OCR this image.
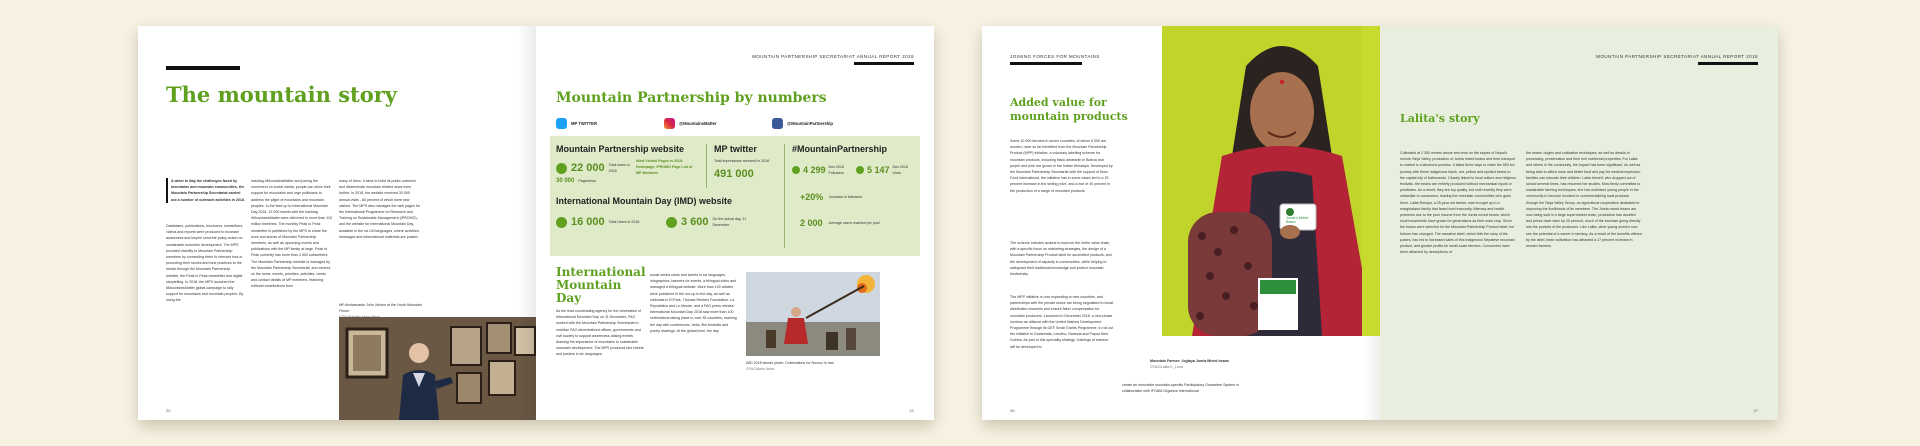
The mountain story
A wider to flag the challenges faced by mountains and mountain communities, the Mountain Partnership Secretariat carried out a number of outreach activities in 2018.
Databases, publications, brochures, newsletters, videos and reports were produced to increase awareness and inspire concrete policy action on sustainable mountain development. The MPS provided visibility to Mountain Partnership members by connecting them to relevant fora or promoting their stories and best practices to the media through the Mountain Partnership website, the Peak to Peak newsletter and digital storytelling. In 2018, the MPS launched the #MountainsMatter global campaign to rally support for mountains and mountain peoples. By using the
hashtag #MountainsMatter and joining the movement on social media, people can show their support for mountains and urge politicians to address the plight of mountains and mountain peoples. In the lead up to International Mountain Day 2018, 13 000 tweets with the hashtag #MountainsMatter were delivered to more than 115 million timelines. The monthly Peak to Peak newsletter is published by the MPS to share the work and stories of Mountain Partnership members, as well as upcoming events and publications with the MP family at large. Peak to Peak currently has more than 2 500 subscribers. The Mountain Partnership website is managed by the Mountain Partnership Secretariat, and centres on the news, events, priorities, activities, needs and contact details of MP members, featuring editorial contributions from
many of them. It aims to build its public outreach and disseminate mountain related news even further. In 2018, the website received 30 000 annual visits - 65 percent of which were new visitors. The MPS also manages the web pages for the International Programme on Research and Training on Sustainable Management (IPROMO), and the website for International Mountain Day, available in the six UN languages, where activities, messages and informational materials are posted.
MP Ambassador John Norton at the Youth Mountain Forum
20
MOUNTAIN PARTNERSHIP SECRETARIAT ANNUAL REPORT 2018
Mountain Partnership by numbers
MP TWITTER	@MountainsMatter	@MountainPartnership
Mountain Partnership website
22 000 Total users in 2018
30 000 Pageviews
Most Visited Pages in 2018: Homepage, IPROMO Page List of MP Members
MP twitter
Total impressions received in 2018
491 000
#MountainPartnership
4 299 Dec 2018 Followers	5 147 Dec 2018 Likes
+20% Increase in followers
2 000 Average users reached per post
International Mountain Day (IMD) website
16 000 Total Users in 2018	3 600 On the actual day, 11 December
International Mountain Day
As the lead coordinating agency for the celebration of International Mountain Day on 11 December, FAO worked with the Mountain Partnership Secretariat to mobilize FAO decentralized offices, governments and civil society to support awareness-raising events drawing the importance of mountains to sustainable mountain development. The MPS produced fact sheets and posters in six languages,
social media cards and tweets in six languages, infographics, banners for events, a trilingual video and managed a trilingual website. More than 100 articles were published in the run-up to the day, as well as editorials in El País, Thomas Reuters Foundation, La Repubblica and Le Monde, and a FAO press release. International Mountain Day 2018 saw more than 100 celebrations taking place in over 35 countries, marking the day with conferences, treks, film festivals and poetry readings. At the global level, the day
IMD 2018 winner photo: Celebrations for Novruz in Iran
©FAO/Amin Asha
21
JOINING FORCES FOR MOUNTAINS
Added value for
mountain products
Some 10 000 farmers in seven countries, of whom 6 000 are women, have so far benefited from the Mountain Partnership Product (MPP) initiative, a voluntary labelling scheme for mountain products, including black amaranth in Bolivia and purple and pink rice grown in the Indian Himalaya. Developed by the Mountain Partnership Secretariat with the support of Slow Food International, the initiative has in some cases led to a 25 percent increase in the selling price, and a rise of 40 percent in the production of a range of mountain products.
The scheme includes actions to improve the entire value chain, with a specific focus on marketing strategies, the design of a Mountain Partnership Product label for accredited products, and the development of capacity in communities, while helping to safeguard their traditional knowledge and protect mountain biodiversity.
The MPP initiative is now expanding to new countries, and partnerships with the private sector are being negotiated to boost distribution channels and ensure fairer compensation for mountain producers. Launched in December 2018, a new phase involves an alliance with the United Nations Development Programme through its GEF Small Grants Programme, to roll out the initiative to Guatemala, Lesotho, Rwanda and Papua New Guinea. As part of this speciality strategy, 'trainings of trainers' will be developed to
create an innovative mountain-specific Participatory Guarantee System in collaboration with IFOAM-Organics International.
Jumla's Mixed Beans
26
MOUNTAIN PARTNERSHIP SECRETARIAT ANNUAL REPORT 2018
Lalita's story
Cultivated at 2 300 metres above sea level on the slopes of Nepal's remote Sinja Valley, production of Jumla mixed beans and their transport to market is a laborious process. It takes three days to make the 800 km journey with these indigenous black, red, yellow and spotted beans to the capital city of Kathmandu. Closely linked to local culture and religious festivals, the beans are entirely produced without mechanical inputs or pesticides. As a result, they are top quality, but until recently they were unfamiliar to consumers, leaving the mountain communities who grow them. Lalita Rokaya, a 25-year-old farmer, was brought up in a marginalized family that faced food insecurity, illiteracy and health problems due to the poor income from the Jumla mixed beans, which local households have grown for generations as their main crop. Since the beans were selected for the Mountain Partnership Product label, her fortune has changed. The narrative label, which tells the story of the pulses, has led to increased sales of this indigenous Nepalese mountain product, and greater profits for small-scale farmers. Consumers have been attracted by descriptions of
the beans' origins and cultivation techniques, as well as details of processing, preservation and their rich nutritional properties. For Lalita and others in the community, the impact has been significant. As well as being able to afford more and better food and pay for medical expenses, families can educate their children. Lalita herself, who dropped out of school several times, has resumed her studies. Now firmly committed to sustainable farming techniques, she has mobilized young people in the community to become involved in commercializing local products through the Sinja Valley Group, an agricultural cooperative dedicated to improving the livelihoods of its members. The Jumla mixed beans are now being sold in a large supermarket chain, production has doubled and prices have risen by 25 percent, much of the increase going directly into the pockets of the producers. Like Lalita, other young women now see the potential of a career in farming. As a result of the benefits offered by the label, bean cultivation has attracted a 17 percent increase in women farmers.
Mountain Farmer: Jogfaya Jumla Mixed beans
©FAO/Lalita K_Luna
27
